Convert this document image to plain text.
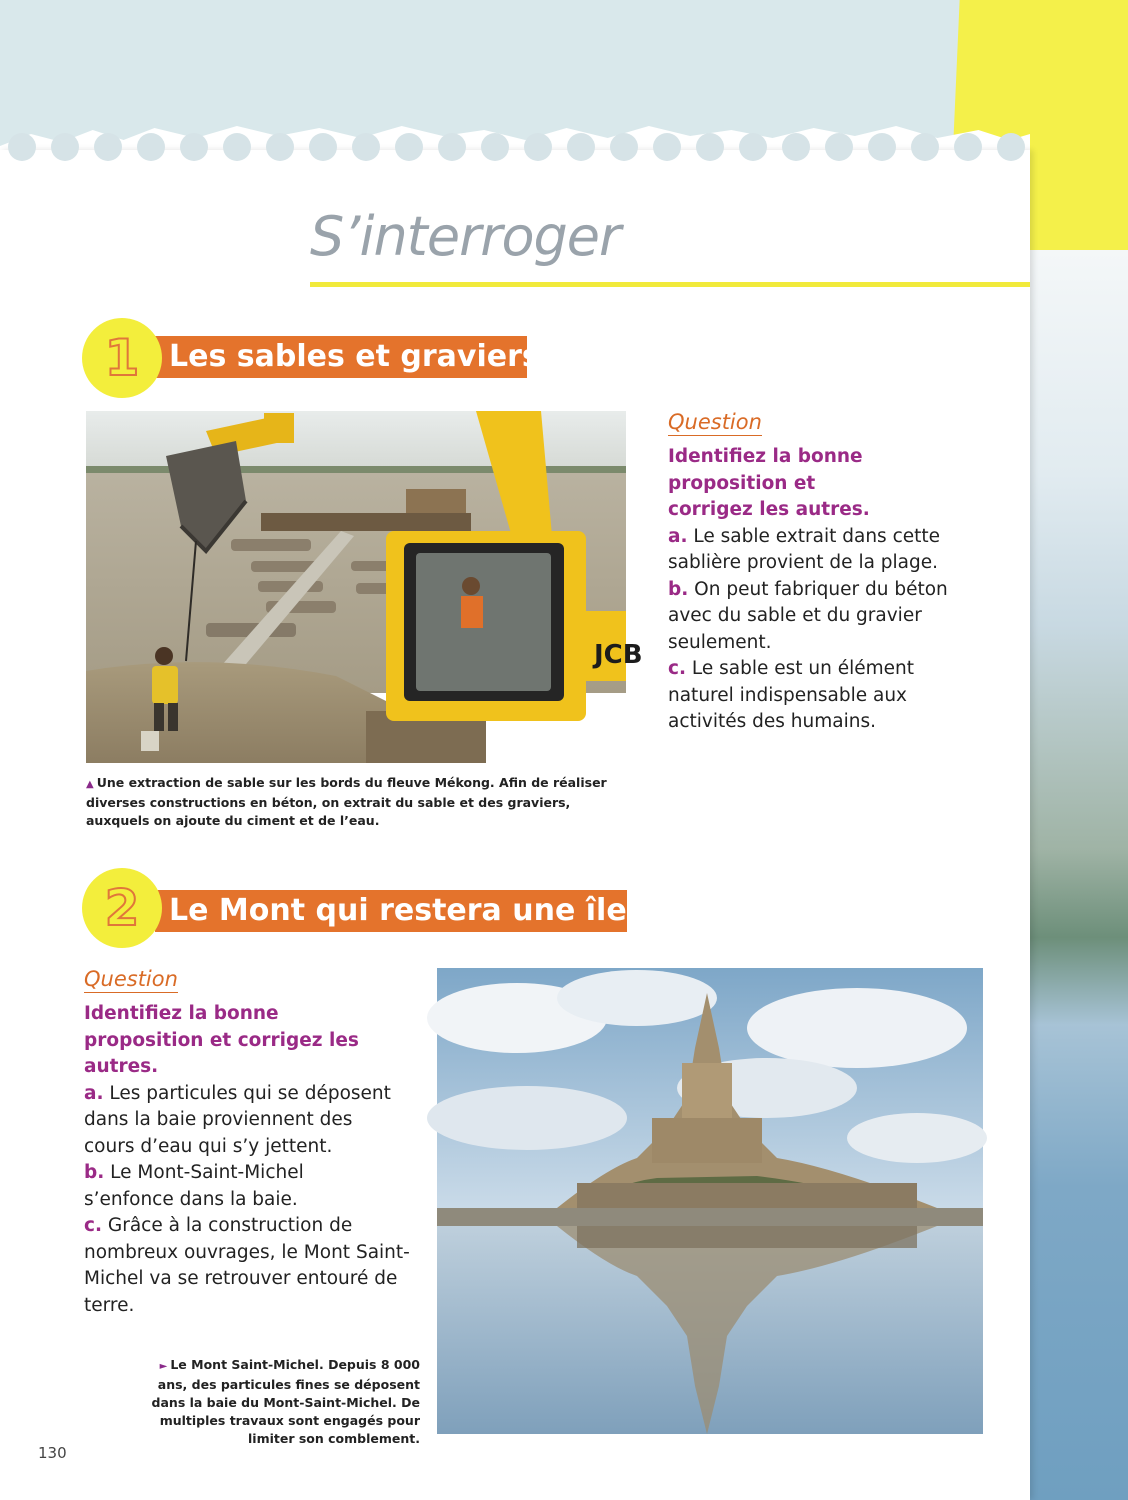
S’interroger
Les sables et graviers
1
JCB
▲ Une extraction de sable sur les bords du fleuve Mékong. Afin de réaliser diverses constructions en béton, on extrait du sable et des graviers, auxquels on ajoute du ciment et de l’eau.
Question
Identifiez la bonne proposition et corrigez les autres.
a. Le sable extrait dans cette sablière provient de la plage.
b. On peut fabriquer du béton avec du sable et du gravier seulement.
c. Le sable est un élément naturel indispensable aux activités des humains.
Le Mont qui restera une île ?
2
Question
Identifiez la bonne proposition et corrigez les autres.
a. Les particules qui se déposent dans la baie proviennent des cours d’eau qui s’y jettent.
b. Le Mont-Saint-Michel s’enfonce dans la baie.
c. Grâce à la construction de nombreux ouvrages, le Mont Saint-Michel va se retrouver entouré de terre.
► Le Mont Saint-Michel. Depuis 8 000 ans, des particules fines se déposent dans la baie du Mont-Saint-Michel. De multiples travaux sont engagés pour limiter son comblement.
130
